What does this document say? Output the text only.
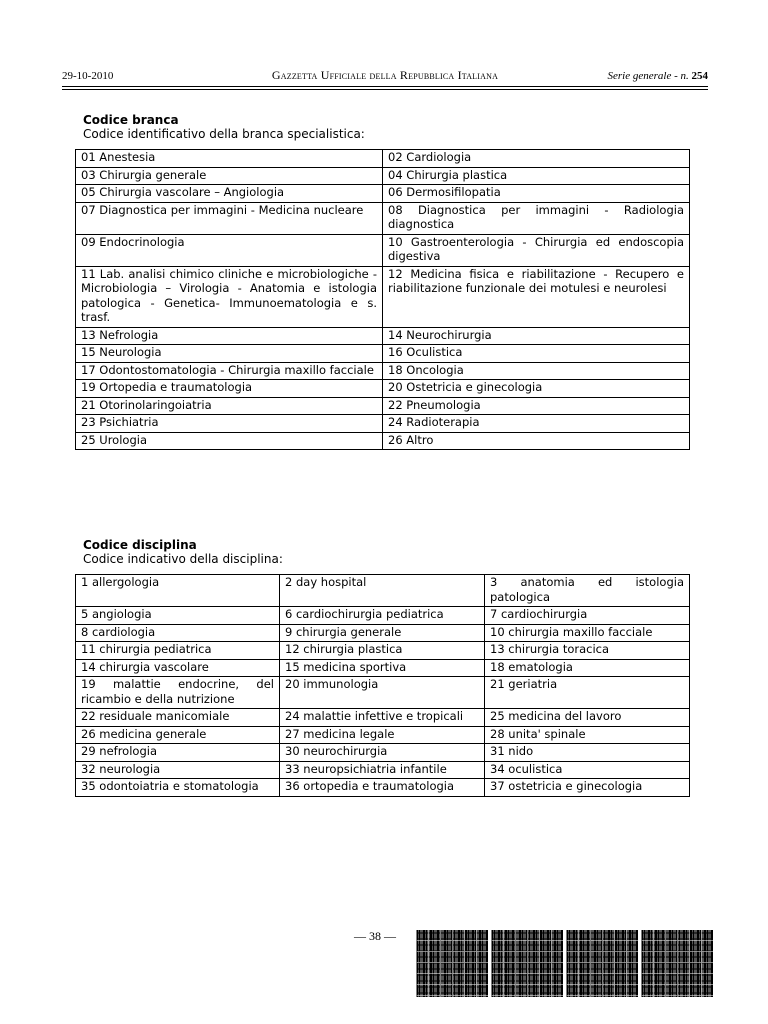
29-10-2010	Gazzetta Ufficiale della Repubblica Italiana	Serie generale - n. 254
Codice branca
Codice identificativo della branca specialistica:
01 Anestesia	02 Cardiologia
03 Chirurgia generale	04 Chirurgia plastica
05 Chirurgia vascolare – Angiologia	06 Dermosifilopatia
07 Diagnostica per immagini - Medicina nucleare	08 Diagnostica per immagini - Radiologia diagnostica
09 Endocrinologia	10 Gastroenterologia - Chirurgia ed endoscopia digestiva
11 Lab. analisi chimico cliniche e microbiologiche - Microbiologia – Virologia - Anatomia e istologia patologica - Genetica- Immunoematologia e s. trasf.	12 Medicina fisica e riabilitazione - Recupero e riabilitazione funzionale dei motulesi e neurolesi
13 Nefrologia	14 Neurochirurgia
15 Neurologia	16 Oculistica
17 Odontostomatologia - Chirurgia maxillo facciale	18 Oncologia
19 Ortopedia e traumatologia	20 Ostetricia e ginecologia
21 Otorinolaringoiatria	22 Pneumologia
23 Psichiatria	24 Radioterapia
25 Urologia	26 Altro
Codice disciplina
Codice indicativo della disciplina:
1 allergologia	2 day hospital	3 anatomia ed istologia patologica
5 angiologia	6 cardiochirurgia pediatrica	7 cardiochirurgia
8 cardiologia	9 chirurgia generale	10 chirurgia maxillo facciale
11 chirurgia pediatrica	12 chirurgia plastica	13 chirurgia toracica
14 chirurgia vascolare	15 medicina sportiva	18 ematologia
19 malattie endocrine, del ricambio e della nutrizione	20 immunologia	21 geriatria
22 residuale manicomiale	24 malattie infettive e tropicali	25 medicina del lavoro
26 medicina generale	27 medicina legale	28 unita' spinale
29 nefrologia	30 neurochirurgia	31 nido
32 neurologia	33 neuropsichiatria infantile	34 oculistica
35 odontoiatria e stomatologia	36 ortopedia e traumatologia	37 ostetricia e ginecologia
— 38 —
